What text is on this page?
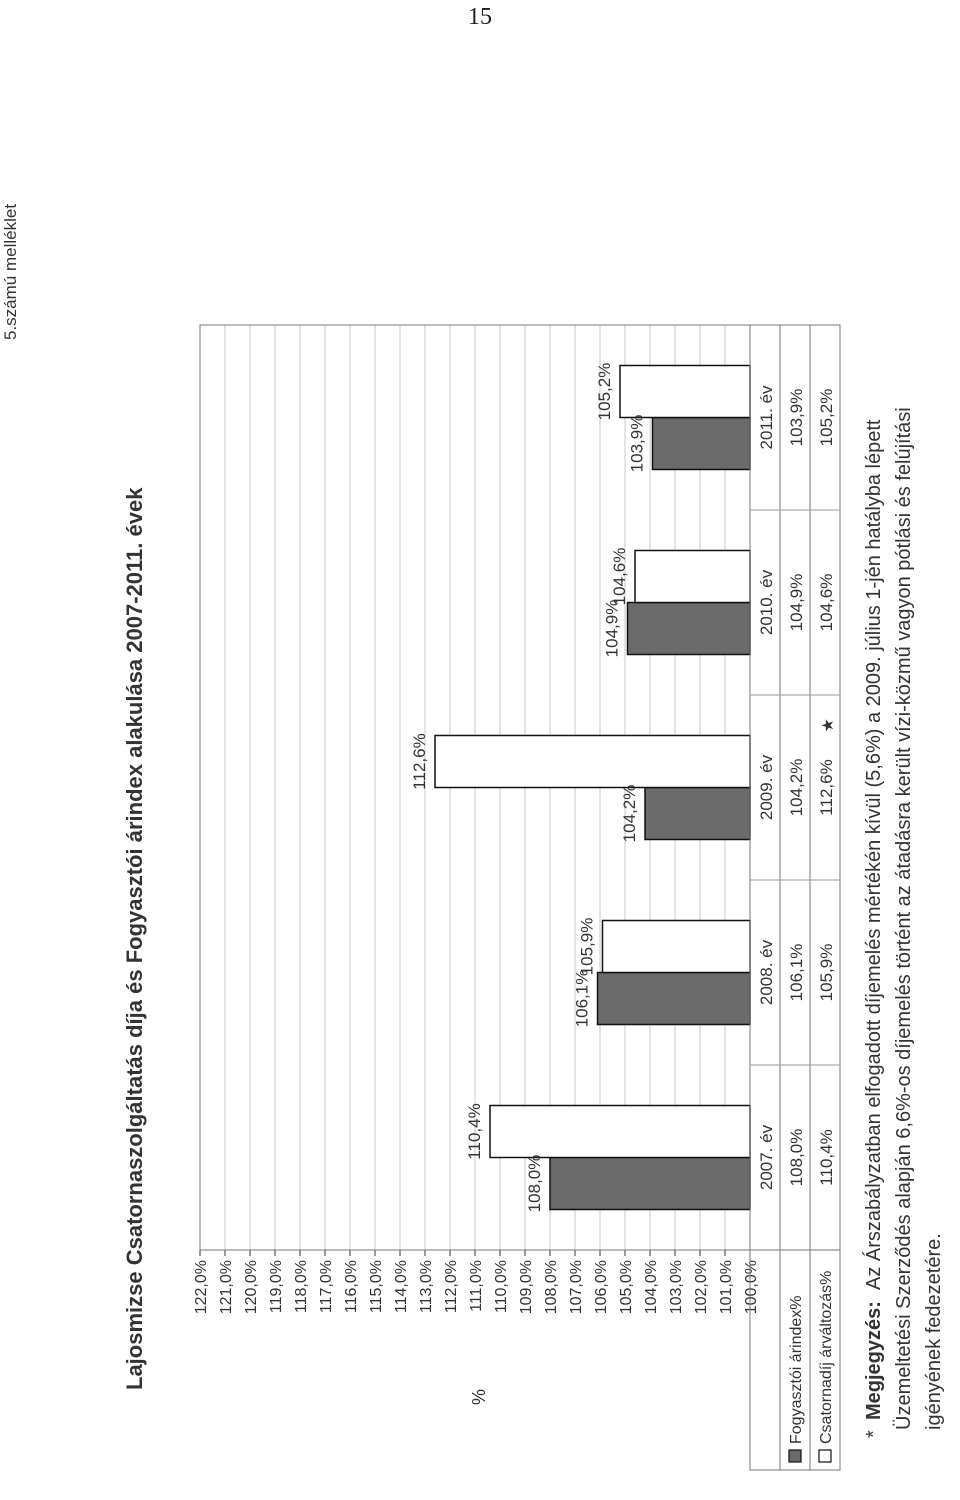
15
5.számú melléklet
Lajosmizse Csatornaszolgáltatás díja és Fogyasztói árindex alakulása 2007-2011. évek
%
100,0%
101,0%
102,0%
103,0%
104,0%
105,0%
106,0%
107,0%
108,0%
109,0%
110,0%
111,0%
112,0%
113,0%
114,0%
115,0%
116,0%
117,0%
118,0%
119,0%
120,0%
121,0%
122,0%
108,0%
110,4%
106,1%
105,9%
104,2%
112,6%
104,9%
104,6%
103,9%
105,2%
2007. év
2008. év
2009. év
2010. év
2011. év
Fogyasztói árindex%
108,0%
106,1%
104,2%
104,9%
103,9%
Csatornadíj árváltozás%
110,4%
105,9%
112,6%
104,6%
105,2%
★
*
Megjegyzés:
Az Árszabályzatban elfogadott díjemelés mértékén kívül (5,6%) a 2009. július 1-jén hatályba lépett Üzemeltetési Szerződés alapján 6,6%-os díjemelés történt az átadásra került vízi-közmű vagyon pótlási és felújítási igényének fedezetére.
